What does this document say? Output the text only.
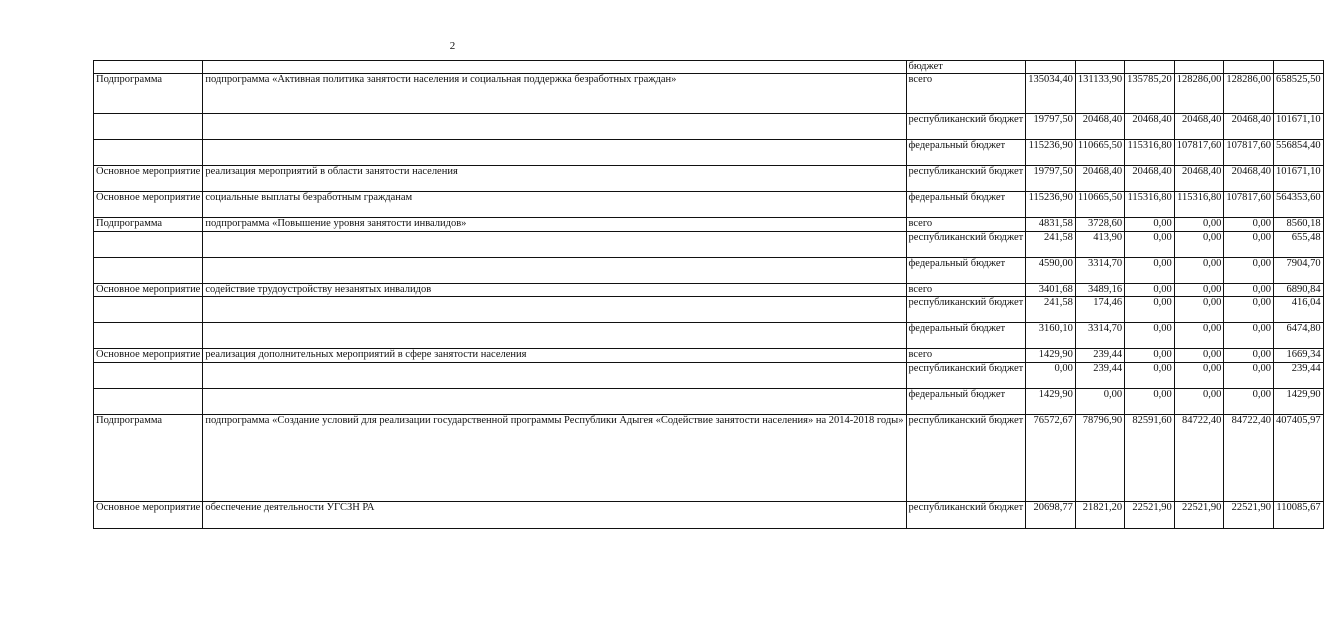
2
		бюджет	

Подпрограмма	подпрограмма «Активная политика занятости населения и социальная поддержка безработных граждан»	всего	135034,40	131133,90	135785,20	128286,00	128286,00	658525,50

		республиканский бюджет	19797,50	20468,40	20468,40	20468,40	20468,40	101671,10

		федеральный бюджет	115236,90	110665,50	115316,80	107817,60	107817,60	556854,40

Основное мероприятие	реализация мероприятий в области занятости населения	республиканский бюджет	19797,50	20468,40	20468,40	20468,40	20468,40	101671,10

Основное мероприятие	социальные выплаты безработным гражданам	федеральный бюджет	115236,90	110665,50	115316,80	115316,80	107817,60	564353,60

Подпрограмма	подпрограмма «Повышение уровня занятости инвалидов»	всего	4831,58	3728,60	0,00	0,00	0,00	8560,18

		республиканский бюджет	241,58	413,90	0,00	0,00	0,00	655,48

		федеральный бюджет	4590,00	3314,70	0,00	0,00	0,00	7904,70

Основное мероприятие	содействие трудоустройству незанятых инвалидов	всего	3401,68	3489,16	0,00	0,00	0,00	6890,84

		республиканский бюджет	241,58	174,46	0,00	0,00	0,00	416,04

		федеральный бюджет	3160,10	3314,70	0,00	0,00	0,00	6474,80

Основное мероприятие	реализация дополнительных мероприятий в сфере занятости населения	всего	1429,90	239,44	0,00	0,00	0,00	1669,34

		республиканский бюджет	0,00	239,44	0,00	0,00	0,00	239,44

		федеральный бюджет	1429,90	0,00	0,00	0,00	0,00	1429,90

Подпрограмма	подпрограмма «Создание условий для реализации государственной программы Республики Адыгея «Содействие занятости населения» на 2014-2018 годы»	республиканский бюджет	76572,67	78796,90	82591,60	84722,40	84722,40	407405,97

Основное мероприятие	обеспечение деятельности УГСЗН РА	республиканский бюджет	20698,77	21821,20	22521,90	22521,90	22521,90	110085,67
